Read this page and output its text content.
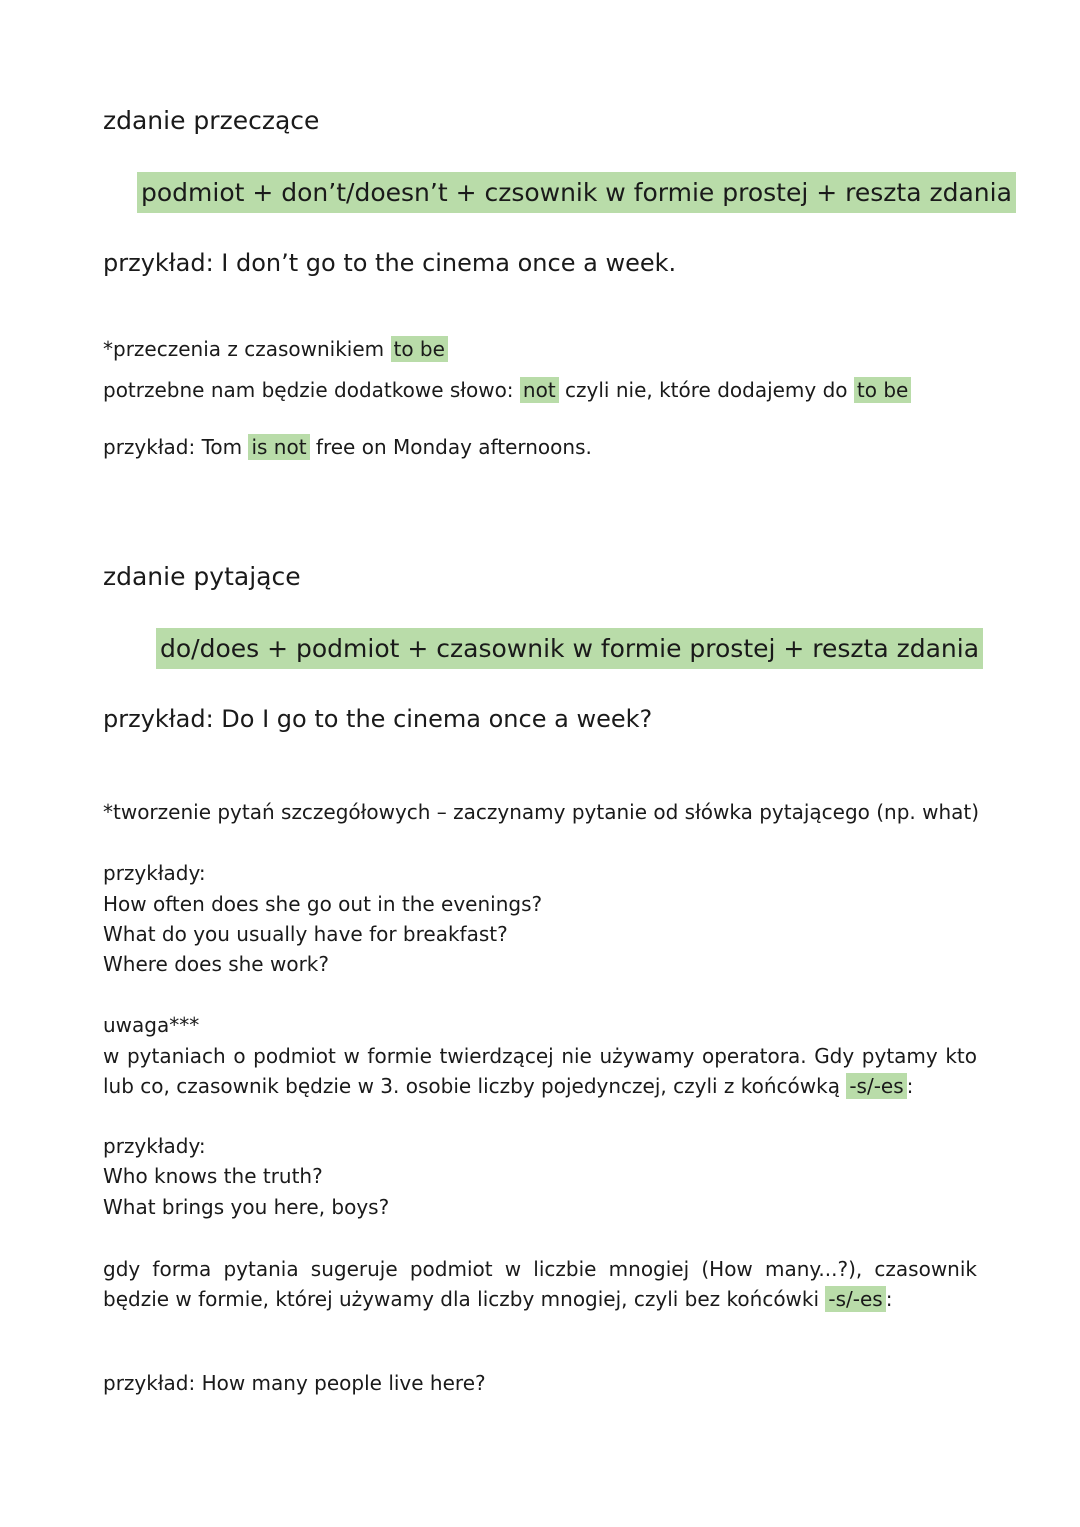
zdanie przeczące
podmiot + don’t/doesn’t + czsownik w formie prostej + reszta zdania
przykład: I don’t go to the cinema once a week.
*przeczenia z czasownikiem to be
potrzebne nam będzie dodatkowe słowo: not czyli nie, które dodajemy do to be
przykład: Tom is not free on Monday afternoons.
zdanie pytające
do/does + podmiot + czasownik w formie prostej + reszta zdania
przykład: Do I go to the cinema once a week?
*tworzenie pytań szczegółowych – zaczynamy pytanie od słówka pytającego (np. what)
przykłady:
How often does she go out in the evenings?
What do you usually have for breakfast?
Where does she work?
uwaga***
w pytaniach o podmiot w formie twierdzącej nie używamy operatora. Gdy pytamy kto lub co, czasownik będzie w 3. osobie liczby pojedynczej, czyli z końcówką -s/-es :
przykłady:
Who knows the truth?
What brings you here, boys?
gdy forma pytania sugeruje podmiot w liczbie mnogiej (How many...?), czasownik będzie w formie, której używamy dla liczby mnogiej, czyli bez końcówki -s/-es :
przykład: How many people live here?
